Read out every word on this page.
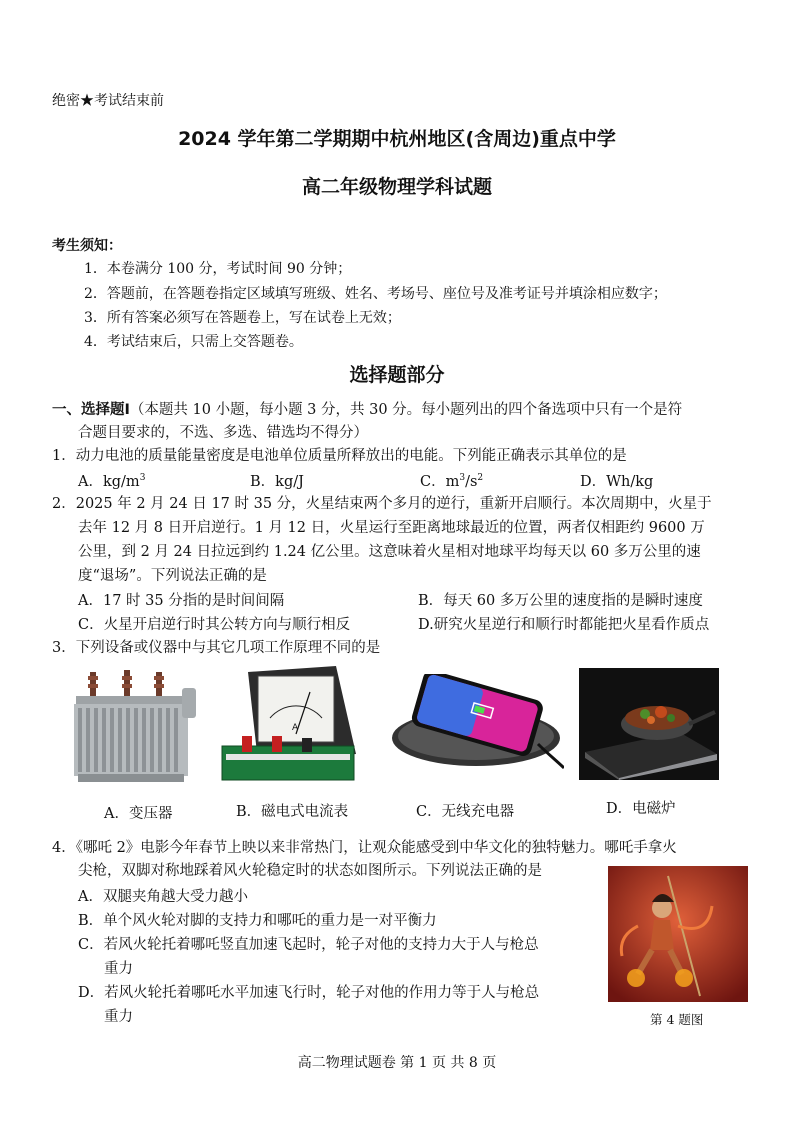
绝密★考试结束前
2024 学年第二学期期中杭州地区(含周边)重点中学
高二年级物理学科试题
考生须知：
1．本卷满分 100 分，考试时间 90 分钟；
2．答题前，在答题卷指定区域填写班级、姓名、考场号、座位号及准考证号并填涂相应数字；
3．所有答案必须写在答题卷上，写在试卷上无效；
4．考试结束后，只需上交答题卷。
选择题部分
一、选择题Ⅰ（本题共 10 小题，每小题 3 分，共 30 分。每小题列出的四个备选项中只有一个是符
合题目要求的，不选、多选、错选均不得分）
1．动力电池的质量能量密度是电池单位质量所释放出的电能。下列能正确表示其单位的是
A．$kg/m^3$	B．kg/J	C．$m^3/s^2$	D．Wh/kg
2．2025 年 2 月 24 日 17 时 35 分，火星结束两个多月的逆行，重新开启顺行。本次周期中，火星于
去年 12 月 8 日开启逆行。1 月 12 日，火星运行至距离地球最近的位置，两者仅相距约 9600 万
公里，到 2 月 24 日拉远到约 1.24 亿公里。这意味着火星相对地球平均每天以 60 多万公里的速
度“退场”。下列说法正确的是
A．17 时 35 分指的是时间间隔	B．每天 60 多万公里的速度指的是瞬时速度
C．火星开启逆行时其公转方向与顺行相反	D.研究火星逆行和顺行时都能把火星看作质点
3．下列设备或仪器中与其它几项工作原理不同的是
A
A．变压器	B．磁电式电流表	C．无线充电器	D．电磁炉
4．《哪吒 2》电影今年春节上映以来非常热门，让观众能感受到中华文化的独特魅力。哪吒手拿火
尖枪，双脚对称地踩着风火轮稳定时的状态如图所示。下列说法正确的是
A．双腿夹角越大受力越小
B．单个风火轮对脚的支持力和哪吒的重力是一对平衡力
C．若风火轮托着哪吒竖直加速飞起时，轮子对他的支持力大于人与枪总
重力
D．若风火轮托着哪吒水平加速飞行时，轮子对他的作用力等于人与枪总
重力	第 4 题图
高二物理试题卷 第 1 页 共 8 页
